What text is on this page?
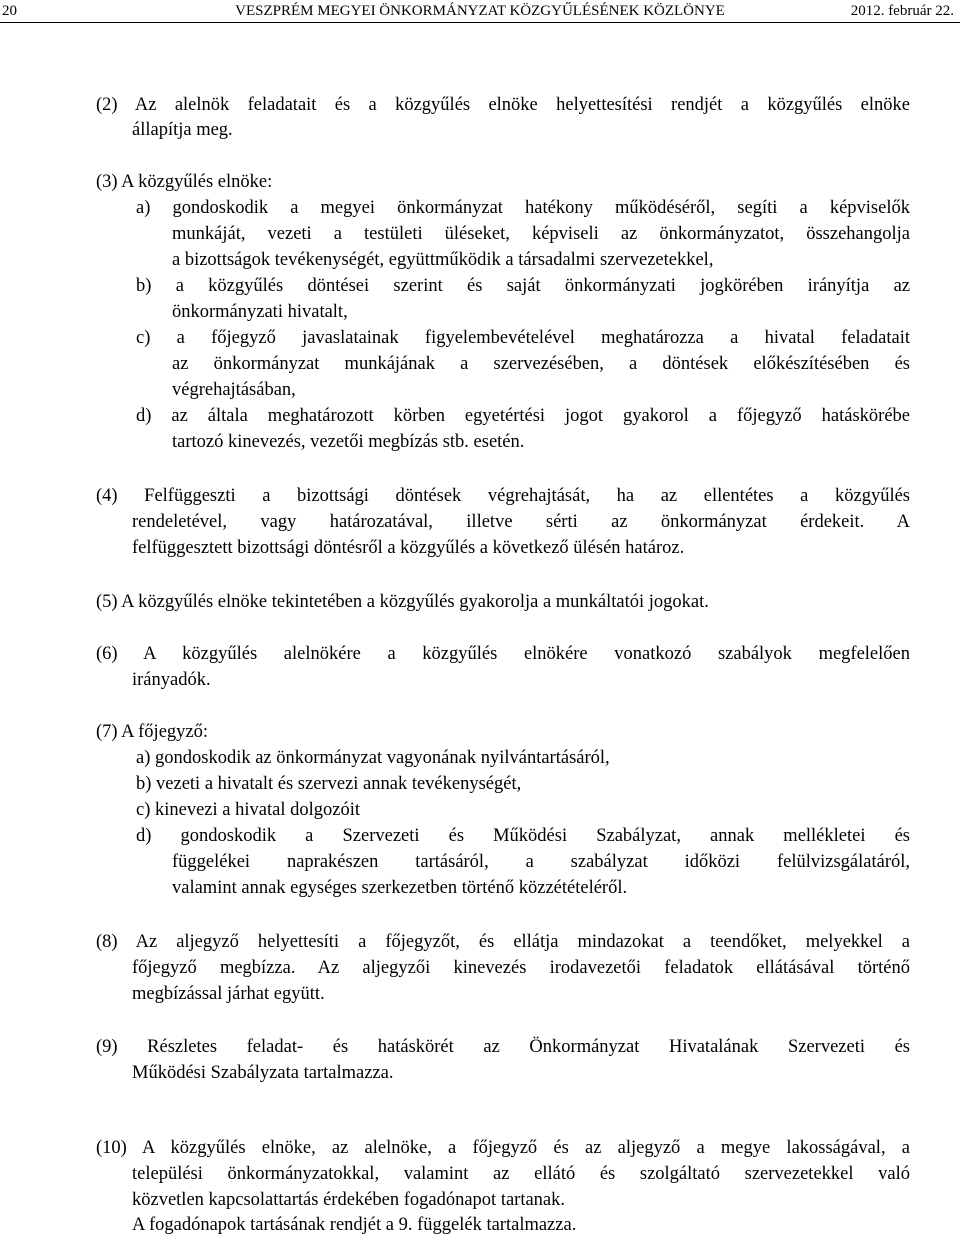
20	VESZPRÉM MEGYEI ÖNKORMÁNYZAT KÖZGYŰLÉSÉNEK KÖZLÖNYE	2012. február 22.
(2) Az alelnök feladatait és a közgyűlés elnöke helyettesítési rendjét a közgyűlés elnöke
állapítja meg.
(3) A közgyűlés elnöke:
a) gondoskodik a megyei önkormányzat hatékony működéséről, segíti a képviselők
munkáját, vezeti a testületi üléseket, képviseli az önkormányzatot, összehangolja
a bizottságok tevékenységét, együttműködik a társadalmi szervezetekkel,
b) a közgyűlés döntései szerint és saját önkormányzati jogkörében irányítja az
önkormányzati hivatalt,
c) a főjegyző javaslatainak figyelembevételével meghatározza a hivatal feladatait
az önkormányzat munkájának a szervezésében, a döntések előkészítésében és
végrehajtásában,
d) az általa meghatározott körben egyetértési jogot gyakorol a főjegyző hatáskörébe
tartozó kinevezés, vezetői megbízás stb. esetén.
(4) Felfüggeszti a bizottsági döntések végrehajtását, ha az ellentétes a közgyűlés
rendeletével, vagy határozatával, illetve sérti az önkormányzat érdekeit. A
felfüggesztett bizottsági döntésről a közgyűlés a következő ülésén határoz.
(5) A közgyűlés elnöke tekintetében a közgyűlés gyakorolja a munkáltatói jogokat.
(6) A közgyűlés alelnökére a közgyűlés elnökére vonatkozó szabályok megfelelően
irányadók.
(7) A főjegyző:
a) gondoskodik az önkormányzat vagyonának nyilvántartásáról,
b) vezeti a hivatalt és szervezi annak tevékenységét,
c) kinevezi a hivatal dolgozóit
d) gondoskodik a Szervezeti és Működési Szabályzat, annak mellékletei és
függelékei naprakészen tartásáról, a szabályzat időközi felülvizsgálatáról,
valamint annak egységes szerkezetben történő közzétételéről.
(8) Az aljegyző helyettesíti a főjegyzőt, és ellátja mindazokat a teendőket, melyekkel a
főjegyző megbízza. Az aljegyzői kinevezés irodavezetői feladatok ellátásával történő
megbízással járhat együtt.
(9) Részletes feladat- és hatáskörét az Önkormányzat Hivatalának Szervezeti és
Működési Szabályzata tartalmazza.
(10) A közgyűlés elnöke, az alelnöke, a főjegyző és az aljegyző a megye lakosságával, a
települési önkormányzatokkal, valamint az ellátó és szolgáltató szervezetekkel való
közvetlen kapcsolattartás érdekében fogadónapot tartanak.
A fogadónapok tartásának rendjét a 9. függelék tartalmazza.
